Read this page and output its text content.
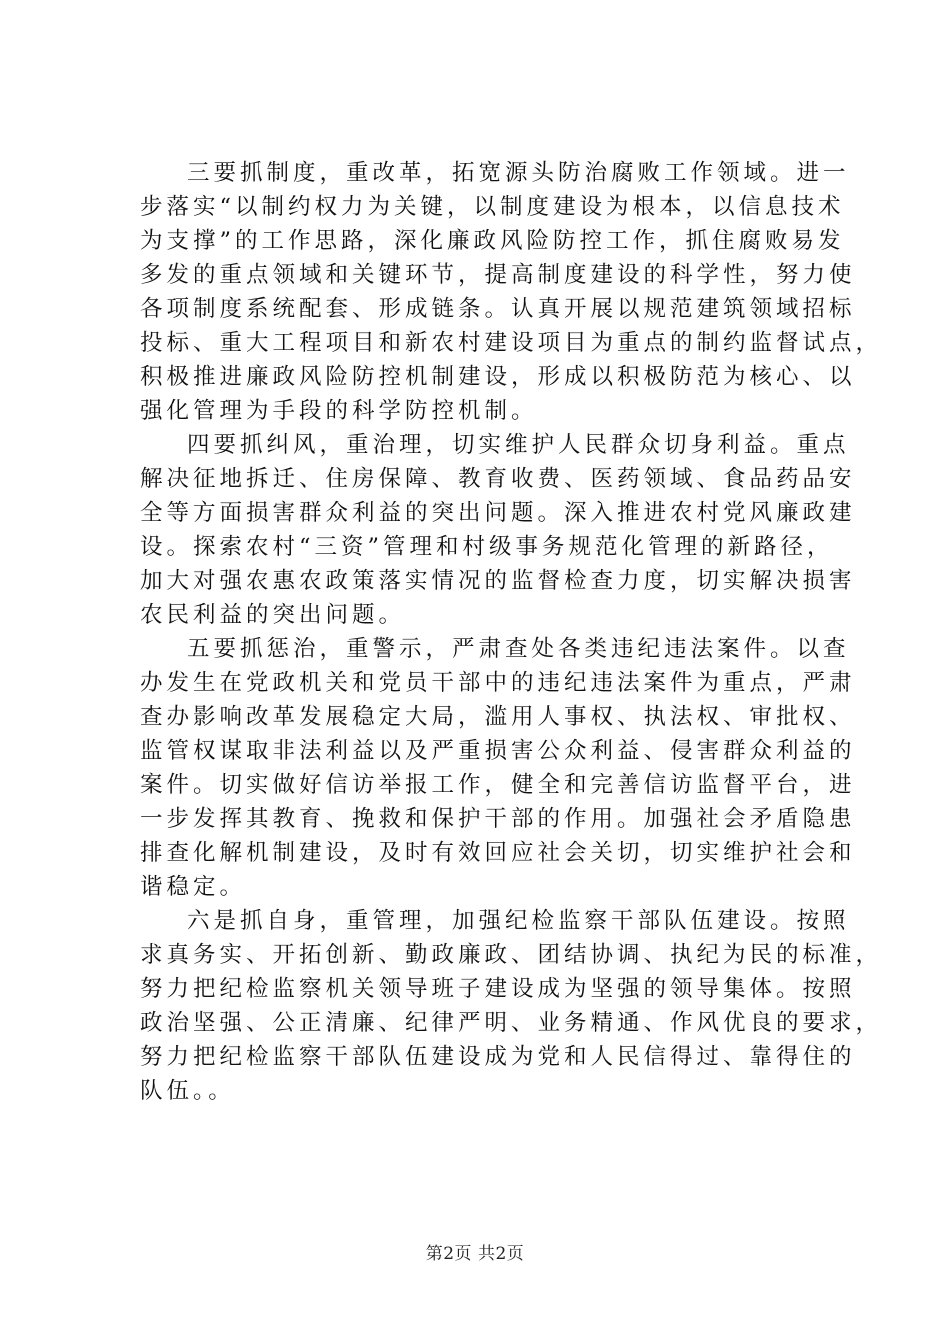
三要抓制度，重改革，拓宽源头防治腐败工作领域。进一
步落实“以制约权力为关键，以制度建设为根本，以信息技术
为支撑”的工作思路，深化廉政风险防控工作，抓住腐败易发
多发的重点领域和关键环节，提高制度建设的科学性，努力使
各项制度系统配套、形成链条。认真开展以规范建筑领域招标
投标、重大工程项目和新农村建设项目为重点的制约监督试点，
积极推进廉政风险防控机制建设，形成以积极防范为核心、以
强化管理为手段的科学防控机制。
四要抓纠风，重治理，切实维护人民群众切身利益。重点
解决征地拆迁、住房保障、教育收费、医药领域、食品药品安
全等方面损害群众利益的突出问题。深入推进农村党风廉政建
设。探索农村“三资”管理和村级事务规范化管理的新路径，
加大对强农惠农政策落实情况的监督检查力度，切实解决损害
农民利益的突出问题。
五要抓惩治，重警示，严肃查处各类违纪违法案件。以查
办发生在党政机关和党员干部中的违纪违法案件为重点，严肃
查办影响改革发展稳定大局，滥用人事权、执法权、审批权、
监管权谋取非法利益以及严重损害公众利益、侵害群众利益的
案件。切实做好信访举报工作，健全和完善信访监督平台，进
一步发挥其教育、挽救和保护干部的作用。加强社会矛盾隐患
排查化解机制建设，及时有效回应社会关切，切实维护社会和
谐稳定。
六是抓自身，重管理，加强纪检监察干部队伍建设。按照
求真务实、开拓创新、勤政廉政、团结协调、执纪为民的标准，
努力把纪检监察机关领导班子建设成为坚强的领导集体。按照
政治坚强、公正清廉、纪律严明、业务精通、作风优良的要求，
努力把纪检监察干部队伍建设成为党和人民信得过、靠得住的
队伍。。
第2页 共2页
